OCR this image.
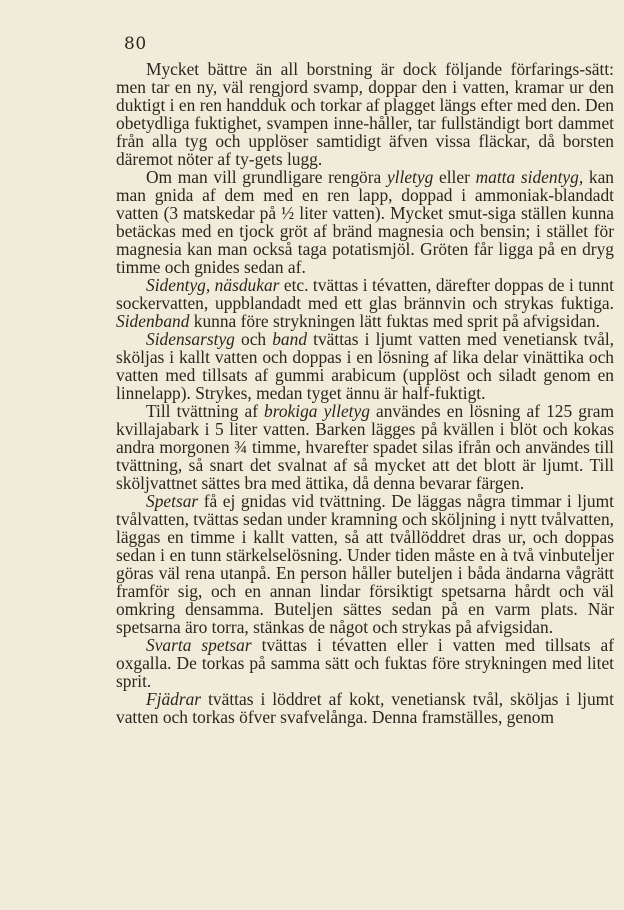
80

Mycket bättre än all borstning är dock följande förfarings-sätt: men tar en ny, väl rengjord svamp, doppar den i vatten, kramar ur den duktigt i en ren handduk och torkar af plagget längs efter med den. Den obetydliga fuktighet, svampen inne-håller, tar fullständigt bort dammet från alla tyg och upplöser samtidigt äfven vissa fläckar, då borsten däremot nöter af ty-gets lugg.

Om man vill grundligare rengöra ylletyg eller matta sidentyg, kan man gnida af dem med en ren lapp, doppad i ammoniak-blandadt vatten (3 matskedar på ½ liter vatten). Mycket smut-siga ställen kunna betäckas med en tjock gröt af bränd magnesia och bensin; i stället för magnesia kan man också taga potatismjöl. Gröten får ligga på en dryg timme och gnides sedan af.

Sidentyg, näsdukar etc. tvättas i tévatten, därefter doppas de i tunnt sockervatten, uppblandadt med ett glas brännvin och strykas fuktiga. Sidenband kunna före strykningen lätt fuktas med sprit på afvigsidan.

Sidensarstyg och band tvättas i ljumt vatten med venetiansk tvål, sköljas i kallt vatten och doppas i en lösning af lika delar vinättika och vatten med tillsats af gummi arabicum (upplöst och siladt genom en linnelapp). Strykes, medan tyget ännu är half-fuktigt.

Till tvättning af brokiga ylletyg användes en lösning af 125 gram kvillajabark i 5 liter vatten. Barken lägges på kvällen i blöt och kokas andra morgonen ¾ timme, hvarefter spadet silas ifrån och användes till tvättning, så snart det svalnat af så mycket att det blott är ljumt. Till sköljvattnet sättes bra med ättika, då denna bevarar färgen.

Spetsar få ej gnidas vid tvättning. De läggas några timmar i ljumt tvålvatten, tvättas sedan under kramning och sköljning i nytt tvålvatten, läggas en timme i kallt vatten, så att tvållöddret dras ur, och doppas sedan i en tunn stärkelselösning. Under tiden måste en à två vinbuteljer göras väl rena utanpå. En person håller buteljen i båda ändarna vågrätt framför sig, och en annan lindar försiktigt spetsarna hårdt och väl omkring densamma. Buteljen sättes sedan på en varm plats. När spetsarna äro torra, stänkas de något och strykas på afvigsidan.

Svarta spetsar tvättas i tévatten eller i vatten med tillsats af oxgalla. De torkas på samma sätt och fuktas före strykningen med litet sprit.

Fjädrar tvättas i löddret af kokt, venetiansk tvål, sköljas i ljumt vatten och torkas öfver svafvelånga. Denna framställes, genom
